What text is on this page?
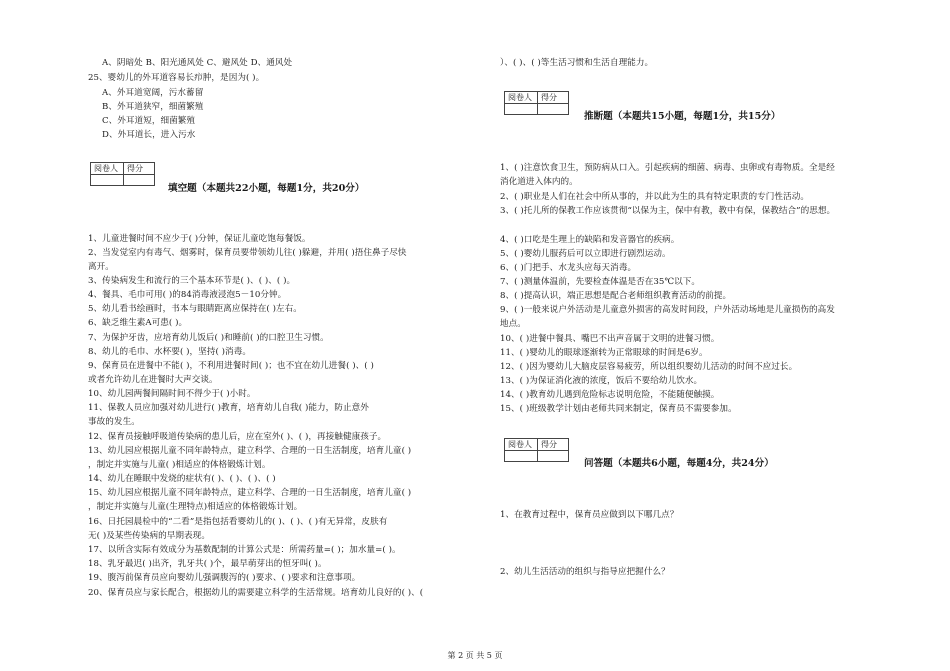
A、阴暗处 B、阳光通风处 C、避风处 D、通风处
25、婴幼儿的外耳道容易长疖肿，是因为( )。
A、外耳道宽阔，污水蓄留
B、外耳道狭窄，细菌繁殖
C、外耳道短，细菌繁殖
D、外耳道长，进入污水
阅卷人	得分

填空题（本题共22小题，每题1分，共20分）
1、儿童进餐时间不应少于( )分钟，保证儿童吃饱每餐饭。
2、当发觉室内有毒气、烟雾时，保育员要带领幼儿往( )躲避，并用( )捂住鼻子尽快
离开。
3、传染病发生和流行的三个基本环节是( )、( )、( )。
4、餐具、毛巾可用( )的84消毒液浸泡5－10分钟。
5、幼儿看书绘画时，书本与眼睛距离应保持在( )左右。
6、缺乏维生素A可患( )。
7、为保护牙齿，应培育幼儿饭后( )和睡前( )的口腔卫生习惯。
8、幼儿的毛巾、水杯要( )，坚持( )消毒。
9、保育员在进餐中不能( )，不利用进餐时间( )；也不宜在幼儿进餐( )、( )
或者允许幼儿在进餐时大声交谈。
10、幼儿园两餐间隔时间不得少于( )小时。
11、保教人员应加强对幼儿进行( )教育，培育幼儿自我( )能力，防止意外
事故的发生。
12、保育员接触呼吸道传染病的患儿后，应在室外( )、( )，再接触健康孩子。
13、幼儿园应根据儿童不同年龄特点，建立科学、合理的一日生活制度，培育儿童( )
，制定并实施与儿童( )相适应的体格锻炼计划。
14、幼儿在睡眠中发烧的症状有( )、( )、( )、( )
15、幼儿园应根据儿童不同年龄特点，建立科学、合理的一日生活制度，培育儿童( )
，制定并实施与儿童(生理特点)相适应的体格锻炼计划。
16、日托园晨检中的“二看”是指包括看婴幼儿的( )、( )、( )有无异常，皮肤有
无( )及某些传染病的早期表现。
17、以所含实际有效成分为基数配制的计算公式是：所需药量=( )；加水量=( )。
18、乳牙最迟( )出齐，乳牙共( )个，最早萌芽出的恒牙叫( )。
19、腹泻前保育员应向婴幼儿强调腹泻的( )要求、( )要求和注意事项。
20、保育员应与家长配合，根据幼儿的需要建立科学的生活常规。培育幼儿良好的( )、(
）、( )、( )等生活习惯和生活自理能力。
阅卷人	得分

推断题（本题共15小题，每题1分，共15分）
1、( )注意饮食卫生，预防病从口入。引起疾病的细菌、病毒、虫卵或有毒物质。全是经
消化道进入体内的。
2、( )职业是人们在社会中所从事的，并以此为生的具有特定职责的专门性活动。
3、( )托儿所的保教工作应该贯彻“以保为主，保中有教，教中有保，保教结合”的思想。
4、( )口吃是生理上的缺陷和发音器官的疾病。
5、( )婴幼儿服药后可以立即进行剧烈运动。
6、( )门把手、水龙头应每天消毒。
7、( )测量体温前，先要检查体温是否在35℃以下。
8、( )提高认识，端正思想是配合老师组织教育活动的前提。
9、( )一般来说户外活动是儿童意外损害的高发时间段，户外活动场地是儿童损伤的高发
地点。
10、( )进餐中餐具、嘴巴不出声音属于文明的进餐习惯。
11、( )婴幼儿的眼球逐渐转为正常眼球的时间是6岁。
12、( )因为婴幼儿大脑皮层容易疲劳，所以组织婴幼儿活动的时间不应过长。
13、( )为保证消化液的浓度，饭后不要给幼儿饮水。
14、( )教育幼儿遇到危险标志说明危险，不能随便触摸。
15、( )班级教学计划由老师共同来制定，保育员不需要参加。
阅卷人	得分

问答题（本题共6小题，每题4分，共24分）
1、在教育过程中，保育员应做到以下哪几点？
2、幼儿生活活动的组织与指导应把握什么？
第 2 页 共 5 页
